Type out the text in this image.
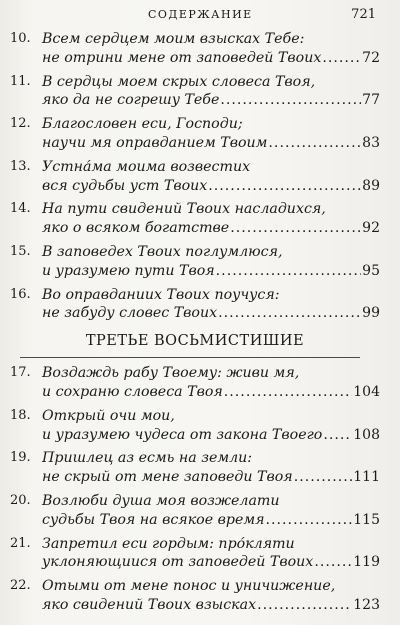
СОДЕРЖАНИЕ	721
10. Всем сердцем моим взысках Тебе:
не отрини мене от заповедей Твоих .....	72
11. В сердцы моем скрых словеса Твоя,
яко да не согрешу Тебе .....	77
12. Благословен еси, Господи;
научи мя оправданием Твоим .....	83
13. Устна́ма моима возвестих
вся судьбы уст Твоих .....	89
14. На пути свидений Твоих насладихся,
яко о всяком богатстве .....	92
15. В заповедех Твоих поглумлюся,
и уразумею пути Твоя .....	95
16. Во оправданиих Твоих поучуся:
не забуду словес Твоих .....	99
ТРЕТЬЕ ВОСЬМИСТИШИЕ
17. Воздаждь рабу Твоему: живи мя,
и сохраню словеса Твоя .....	104
18. Открый очи мои,
и уразумею чудеса от закона Твоего ..... 108
19. Пришлец аз есмь на земли:
не скрый от мене заповеди Твоя .....	111
20. Возлюби душа моя возжелати
судьбы Твоя на всякое время .....	115
21. Запретил еси гордым: про́кляти
уклоняющиися от заповедей Твоих .....	119
22. Отыми от мене понос и уничижение,
яко свидений Твоих взысках .....	123
